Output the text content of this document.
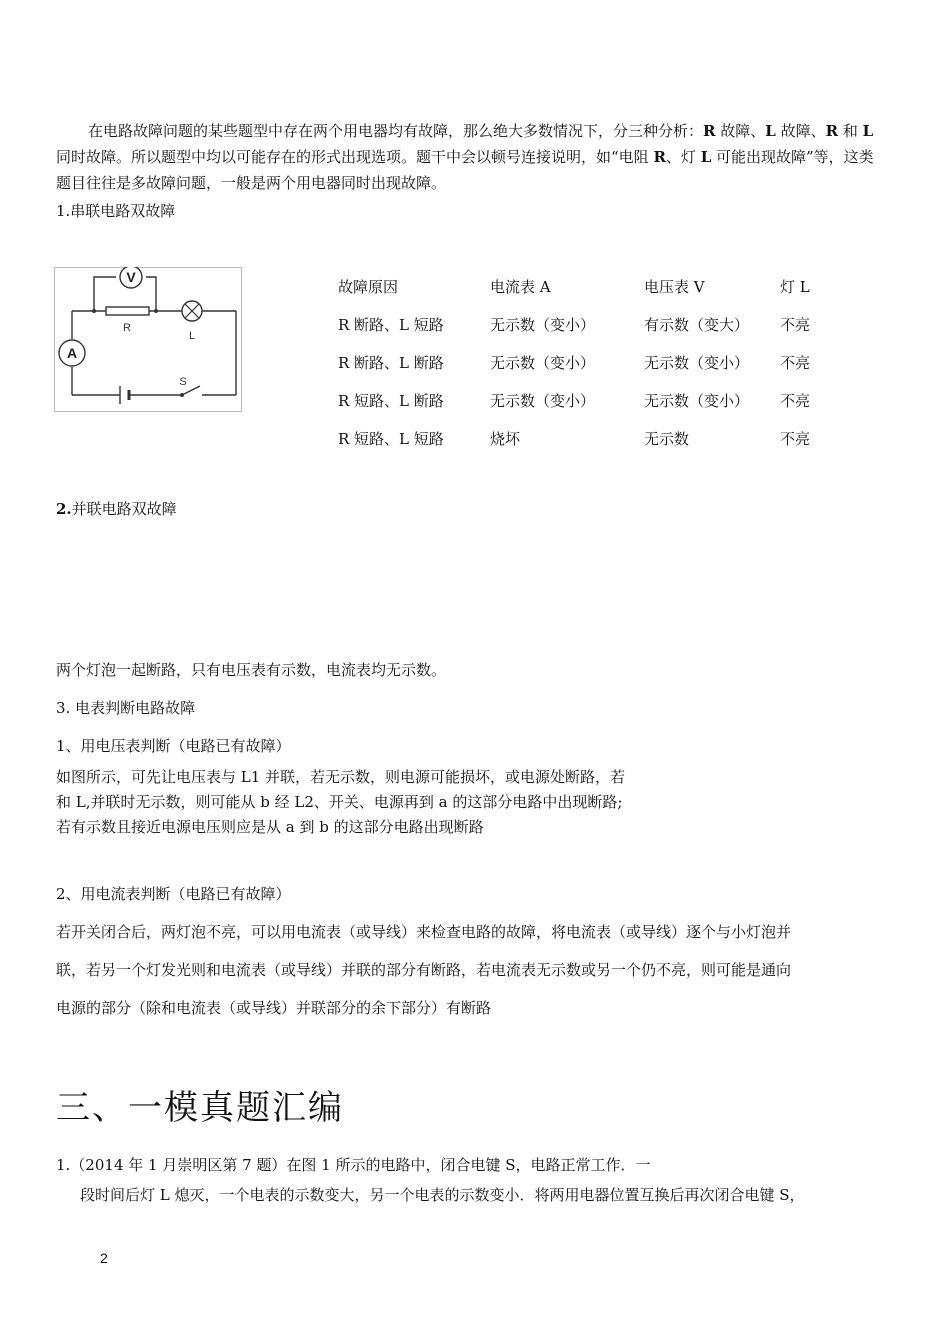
在电路故障问题的某些题型中存在两个用电器均有故障，那么绝大多数情况下，分三种分析：R 故障、L 故障、R 和 L 同时故障。所以题型中均以可能存在的形式出现选项。题干中会以顿号连接说明，如“电阻 R、灯 L 可能出现故障”等，这类题目往往是多故障问题，一般是两个用电器同时出现故障。
1.串联电路双故障
V
A
R
L
S
故障原因	电流表 A	电压表 V	灯 L
R 断路、L 短路	无示数（变小）	有示数（变大） 不亮
R 断路、L 断路	无示数（变小）	无示数（变小） 不亮
R 短路、L 断路	无示数（变小）	无示数（变小） 不亮
R 短路、L 短路	烧坏	无示数	不亮
2.并联电路双故障
两个灯泡一起断路，只有电压表有示数，电流表均无示数。
3. 电表判断电路故障
1、用电压表判断（电路已有故障）
如图所示，可先让电压表与 L1 并联，若无示数，则电源可能损坏，或电源处断路，若
和 L,并联时无示数，则可能从 b 经 L2、开关、电源再到 a 的这部分电路中出现断路;
若有示数且接近电源电压则应是从 a 到 b 的这部分电路出现断路
2、用电流表判断（电路已有故障）
若开关闭合后，两灯泡不亮，可以用电流表（或导线）来检查电路的故障，将电流表（或导线）逐个与小灯泡并
联，若另一个灯发光则和电流表（或导线）并联的部分有断路，若电流表无示数或另一个仍不亮，则可能是通向
电源的部分（除和电流表（或导线）并联部分的余下部分）有断路
三、一模真题汇编
1.（2014 年 1 月崇明区第 7 题）在图 1 所示的电路中，闭合电键 S，电路正常工作．一
段时间后灯 L 熄灭，一个电表的示数变大，另一个电表的示数变小．将两用电器位置互换后再次闭合电键 S，
2
